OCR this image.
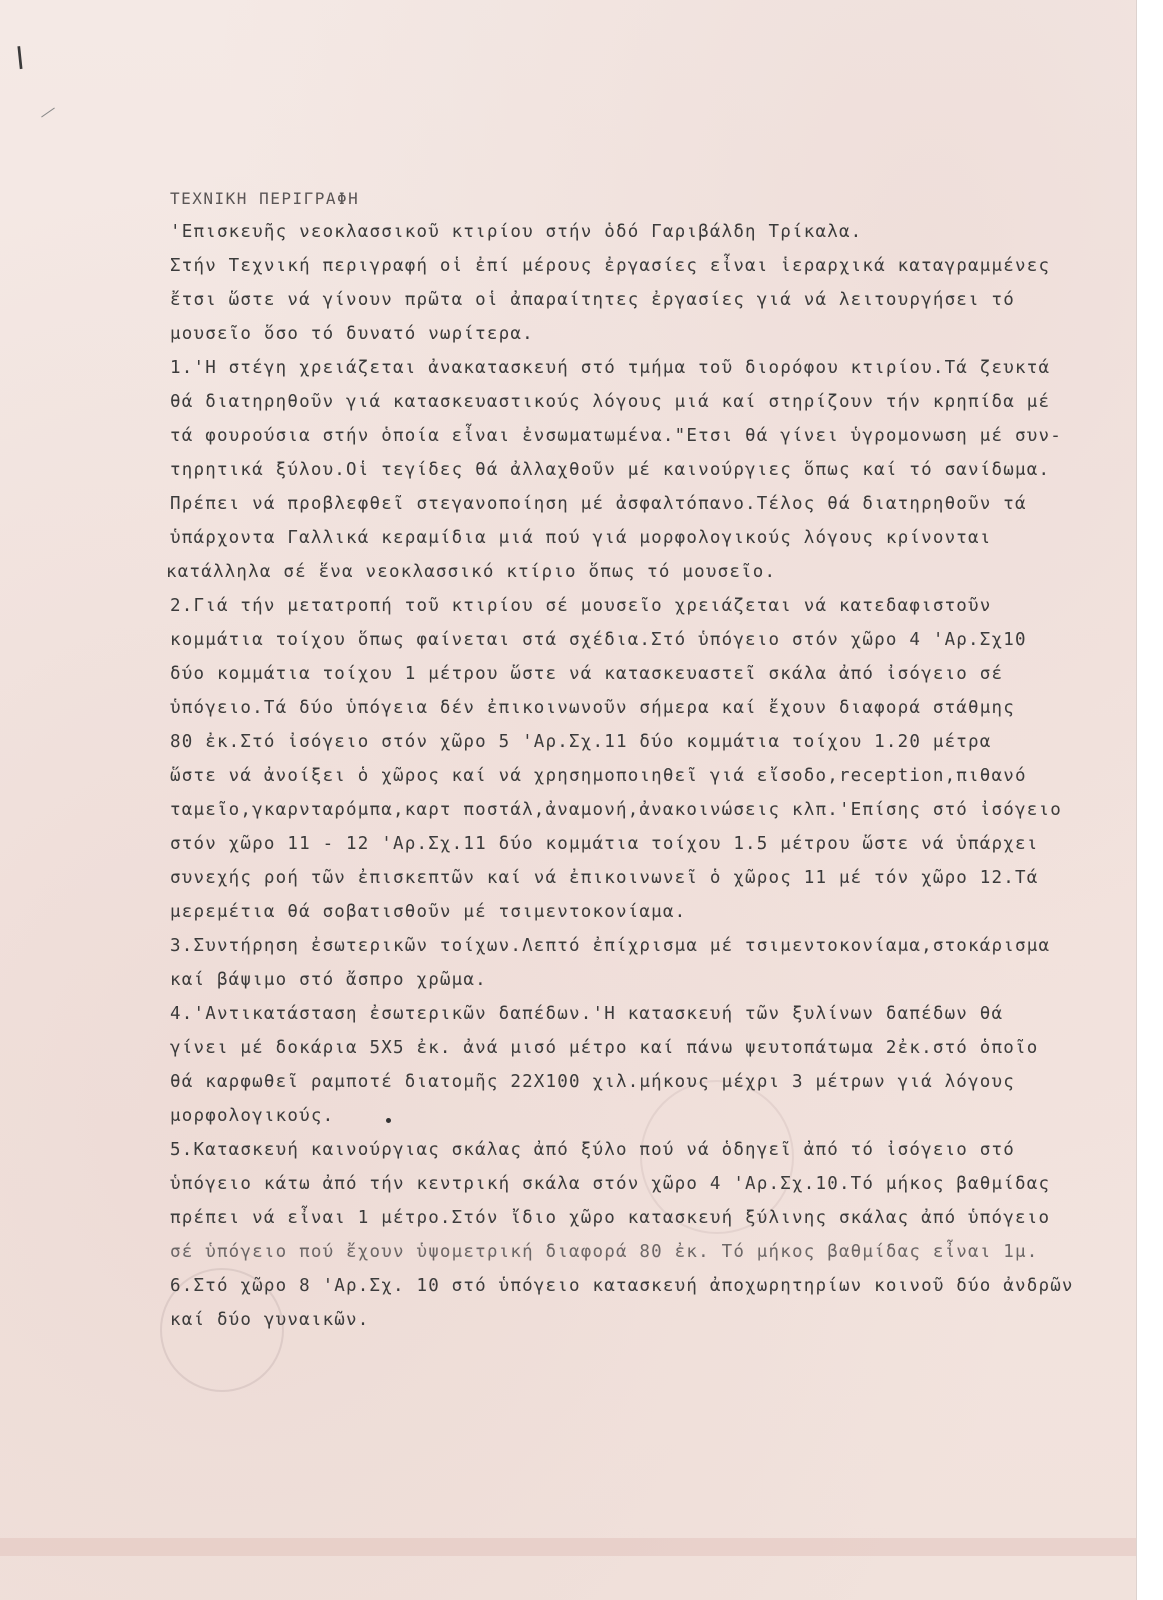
l

ΤΕΧΝΙΚΗ ΠΕΡΙΓΡΑΦΗ

'Επισκευῆς νεοκλασσικοῦ κτιρίου στήν ὁδό Γαριβάλδη Τρίκαλα.

Στήν Τεχνική περιγραφή οἱ ἐπί μέρους ἐργασίες εἶναι ἱεραρχικά καταγραμμένες

ἔτσι ὥστε νά γίνουν πρῶτα οἱ ἀπαραίτητες ἐργασίες γιά νά λειτουργήσει τό

μουσεῖο ὅσο τό δυνατό νωρίτερα.

1.'Η στέγη χρειάζεται ἀνακατασκευή στό τμήμα τοῦ διορόφου κτιρίου.Τά ζευκτά

θά διατηρηθοῦν γιά κατασκευαστικούς λόγους μιά καί στηρίζουν τήν κρηπίδα μέ

τά φουρούσια στήν ὁποία εἶναι ἐνσωματωμένα."Ετσι θά γίνει ὑγρομονωση μέ συν-

τηρητικά ξύλου.Οἱ τεγίδες θά ἀλλαχθοῦν μέ καινούργιες ὅπως καί τό σανίδωμα.

Πρέπει νά προβλεφθεῖ στεγανοποίηση μέ ἀσφαλτόπανο.Τέλος θά διατηρηθοῦν τά

ὑπάρχοντα Γαλλικά κεραμίδια μιά πού γιά μορφολογικούς λόγους κρίνονται

κατάλληλα σέ ἕνα νεοκλασσικό κτίριο ὅπως τό μουσεῖο.

2.Γιά τήν μετατροπή τοῦ κτιρίου σέ μουσεῖο χρειάζεται νά κατεδαφιστοῦν

κομμάτια τοίχου ὅπως φαίνεται στά σχέδια.Στό ὑπόγειο στόν χῶρο 4 'Αρ.Σχ10

δύο κομμάτια τοίχου 1 μέτρου ὥστε νά κατασκευαστεῖ σκάλα ἀπό ἰσόγειο σέ

ὑπόγειο.Τά δύο ὑπόγεια δέν ἐπικοινωνοῦν σήμερα καί ἔχουν διαφορά στάθμης

80 ἐκ.Στό ἰσόγειο στόν χῶρο 5 'Αρ.Σχ.11 δύο κομμάτια τοίχου 1.20 μέτρα

ὥστε νά ἀνοίξει ὁ χῶρος καί νά χρησημοποιηθεῖ γιά εἴσοδο,reception,πιθανό

ταμεῖο,γκαρνταρόμπα,καρτ ποστάλ,ἀναμονή,ἀνακοινώσεις κλπ.'Επίσης στό ἰσόγειο

στόν χῶρο 11 - 12 'Αρ.Σχ.11 δύο κομμάτια τοίχου 1.5 μέτρου ὥστε νά ὑπάρχει

συνεχής ροή τῶν ἐπισκεπτῶν καί νά ἐπικοινωνεῖ ὁ χῶρος 11 μέ τόν χῶρο 12.Τά

μερεμέτια θά σοβατισθοῦν μέ τσιμεντοκονίαμα.

3.Συντήρηση ἐσωτερικῶν τοίχων.Λεπτό ἐπίχρισμα μέ τσιμεντοκονίαμα,στοκάρισμα

καί βάψιμο στό ἄσπρο χρῶμα.

4.'Αντικατάσταση ἐσωτερικῶν δαπέδων.'Η κατασκευή τῶν ξυλίνων δαπέδων θά

γίνει μέ δοκάρια 5Χ5 ἐκ. ἀνά μισό μέτρο καί πάνω ψευτοπάτωμα 2ἐκ.στό ὁποῖο

θά καρφωθεῖ ραμποτέ διατομῆς 22Χ100 χιλ.μήκους μέχρι 3 μέτρων γιά λόγους

μορφολογικούς.

5.Κατασκευή καινούργιας σκάλας ἀπό ξύλο πού νά ὁδηγεῖ ἀπό τό ἰσόγειο στό

ὑπόγειο κάτω ἀπό τήν κεντρική σκάλα στόν χῶρο 4 'Αρ.Σχ.10.Τό μήκος βαθμίδας

πρέπει νά εἶναι 1 μέτρο.Στόν ἴδιο χῶρο κατασκευή ξύλινης σκάλας ἀπό ὑπόγειο

σέ ὑπόγειο πού ἔχουν ὑψομετρική διαφορά 80 ἐκ. Τό μήκος βαθμίδας εἶναι 1μ.

6.Στό χῶρο 8 'Αρ.Σχ. 10 στό ὑπόγειο κατασκευή ἀποχωρητηρίων κοινοῦ δύο ἀνδρῶν

καί δύο γυναικῶν.
